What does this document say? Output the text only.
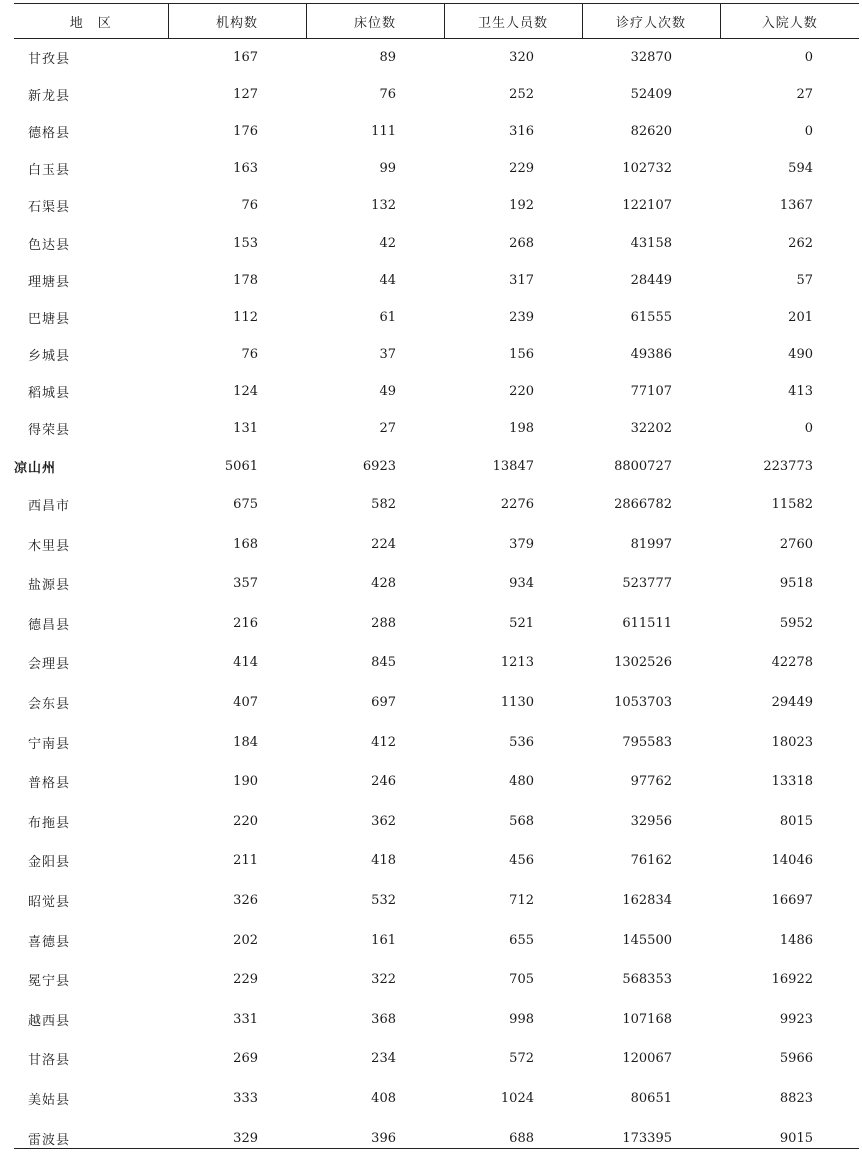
地　区	机构数	床位数	卫生人员数	诊疗人次数	入院人数
甘孜县	167	89	320	32870	0
新龙县	127	76	252	52409	27
德格县	176	111	316	82620	0
白玉县	163	99	229	102732	594
石渠县	76	132	192	122107	1367
色达县	153	42	268	43158	262
理塘县	178	44	317	28449	57
巴塘县	112	61	239	61555	201
乡城县	76	37	156	49386	490
稻城县	124	49	220	77107	413
得荣县	131	27	198	32202	0
凉山州	5061	6923	13847	8800727	223773
西昌市	675	582	2276	2866782	11582
木里县	168	224	379	81997	2760
盐源县	357	428	934	523777	9518
德昌县	216	288	521	611511	5952
会理县	414	845	1213	1302526	42278
会东县	407	697	1130	1053703	29449
宁南县	184	412	536	795583	18023
普格县	190	246	480	97762	13318
布拖县	220	362	568	32956	8015
金阳县	211	418	456	76162	14046
昭觉县	326	532	712	162834	16697
喜德县	202	161	655	145500	1486
冕宁县	229	322	705	568353	16922
越西县	331	368	998	107168	9923
甘洛县	269	234	572	120067	5966
美姑县	333	408	1024	80651	8823
雷波县	329	396	688	173395	9015
